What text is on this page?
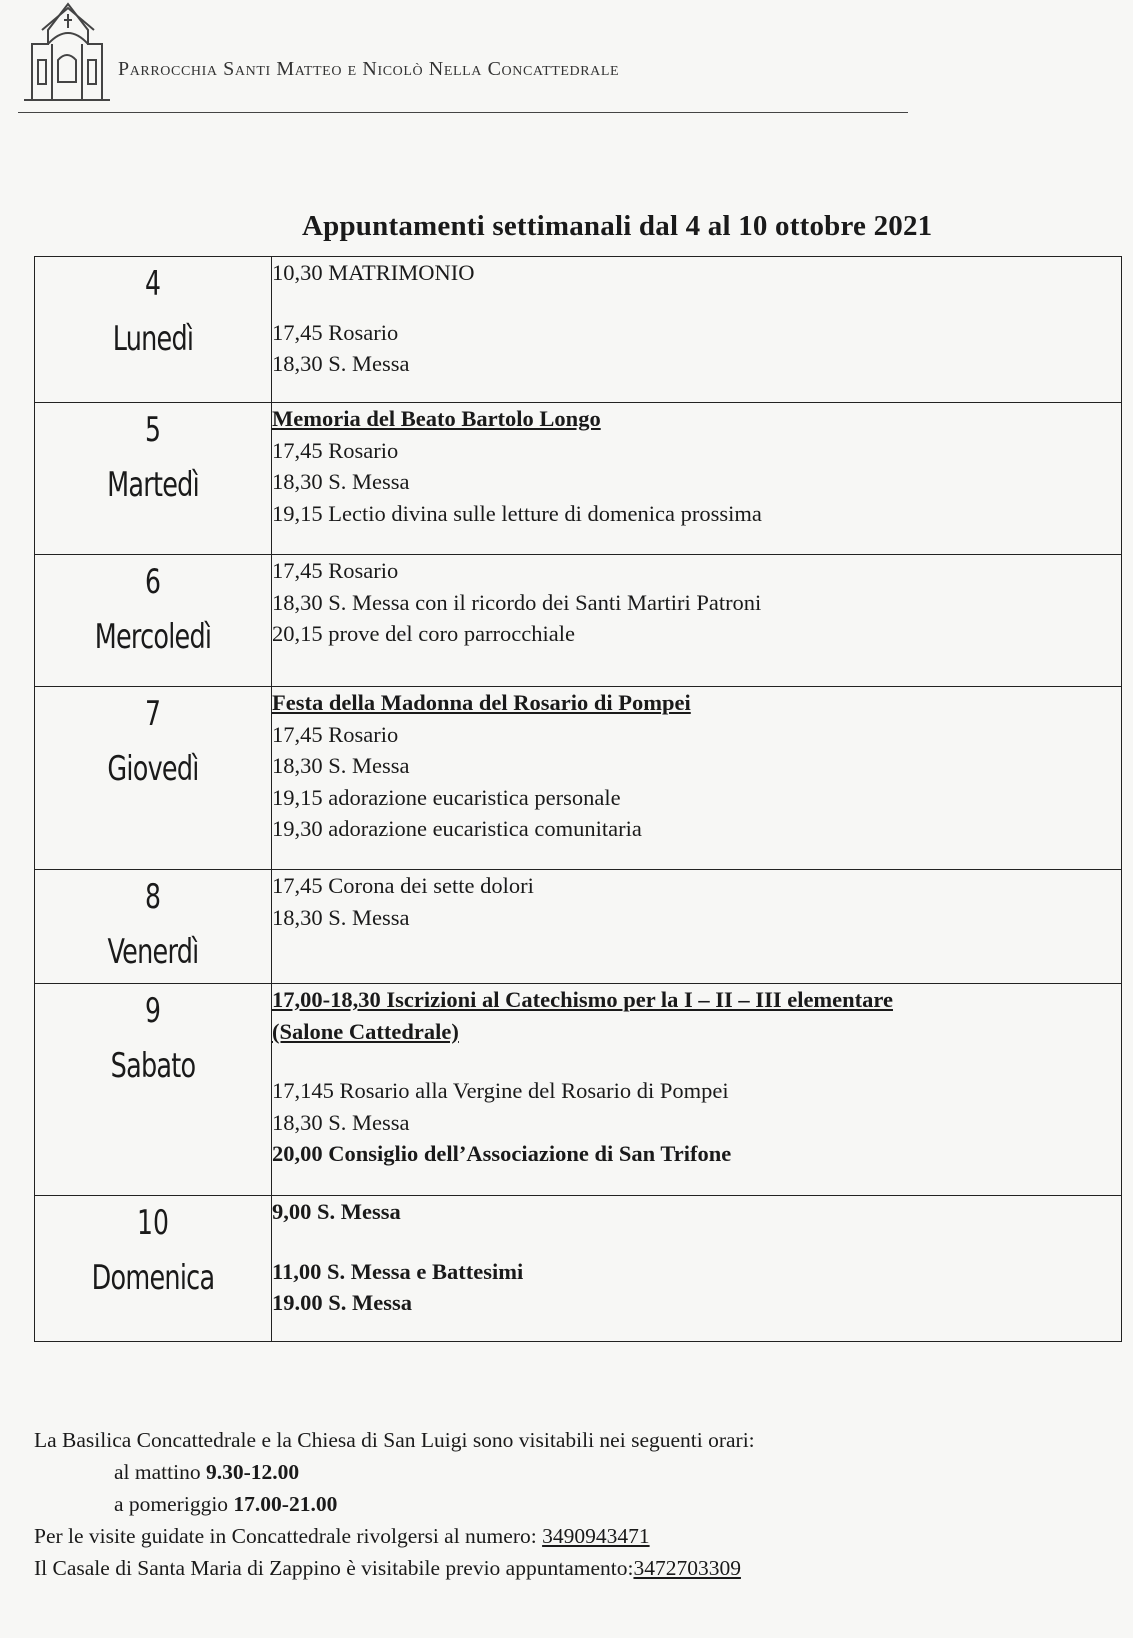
Parrocchia Santi Matteo e Nicolò Nella Concattedrale
Appuntamenti settimanali dal 4 al 10 ottobre 2021
4
Lunedì	10,30 MATRIMONIO
17,45 Rosario
18,30 S. Messa

5
Martedì	Memoria del Beato Bartolo Longo
17,45 Rosario
18,30 S. Messa
19,15 Lectio divina sulle letture di domenica prossima

6
Mercoledì	17,45 Rosario
18,30 S. Messa con il ricordo dei Santi Martiri Patroni
20,15 prove del coro parrocchiale

7
Giovedì	Festa della Madonna del Rosario di Pompei
17,45 Rosario
18,30 S. Messa
19,15 adorazione eucaristica personale
19,30 adorazione eucaristica comunitaria

8
Venerdì	17,45 Corona dei sette dolori
18,30 S. Messa

9
Sabato	17,00-18,30 Iscrizioni al Catechismo per la I – II – III elementare
(Salone Cattedrale)
17,145 Rosario alla Vergine del Rosario di Pompei
18,30 S. Messa
20,00 Consiglio dell’Associazione di San Trifone

10
Domenica	9,00 S. Messa
11,00 S. Messa e Battesimi
19.00 S. Messa
La Basilica Concattedrale e la Chiesa di San Luigi sono visitabili nei seguenti orari:
al mattino 9.30-12.00
a pomeriggio 17.00-21.00
Per le visite guidate in Concattedrale rivolgersi al numero: 3490943471
Il Casale di Santa Maria di Zappino è visitabile previo appuntamento:3472703309
